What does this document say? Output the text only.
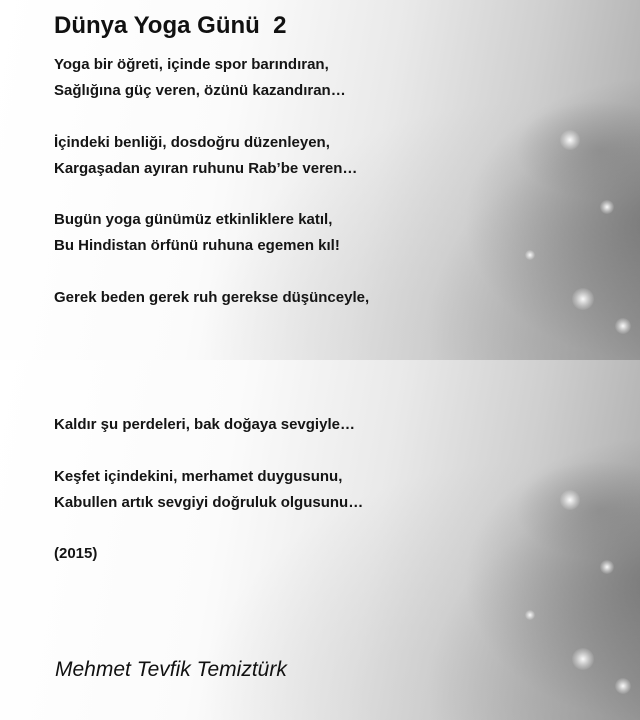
Dünya Yoga Günü  2

Yoga bir öğreti, içinde spor barındıran,
Sağlığına güç veren, özünü kazandıran…

İçindeki benliği, dosdoğru düzenleyen,
Kargaşadan ayıran ruhunu Rab’be veren…

Bugün yoga günümüz etkinliklere katıl,
Bu Hindistan örfünü ruhuna egemen kıl!

Gerek beden gerek ruh gerekse düşünceyle,

Kaldır şu perdeleri, bak doğaya sevgiyle…

Keşfet içindekini, merhamet duygusunu,
Kabullen artık sevgiyi doğruluk olgusunu…

(2015)

Mehmet Tevfik Temiztürk
